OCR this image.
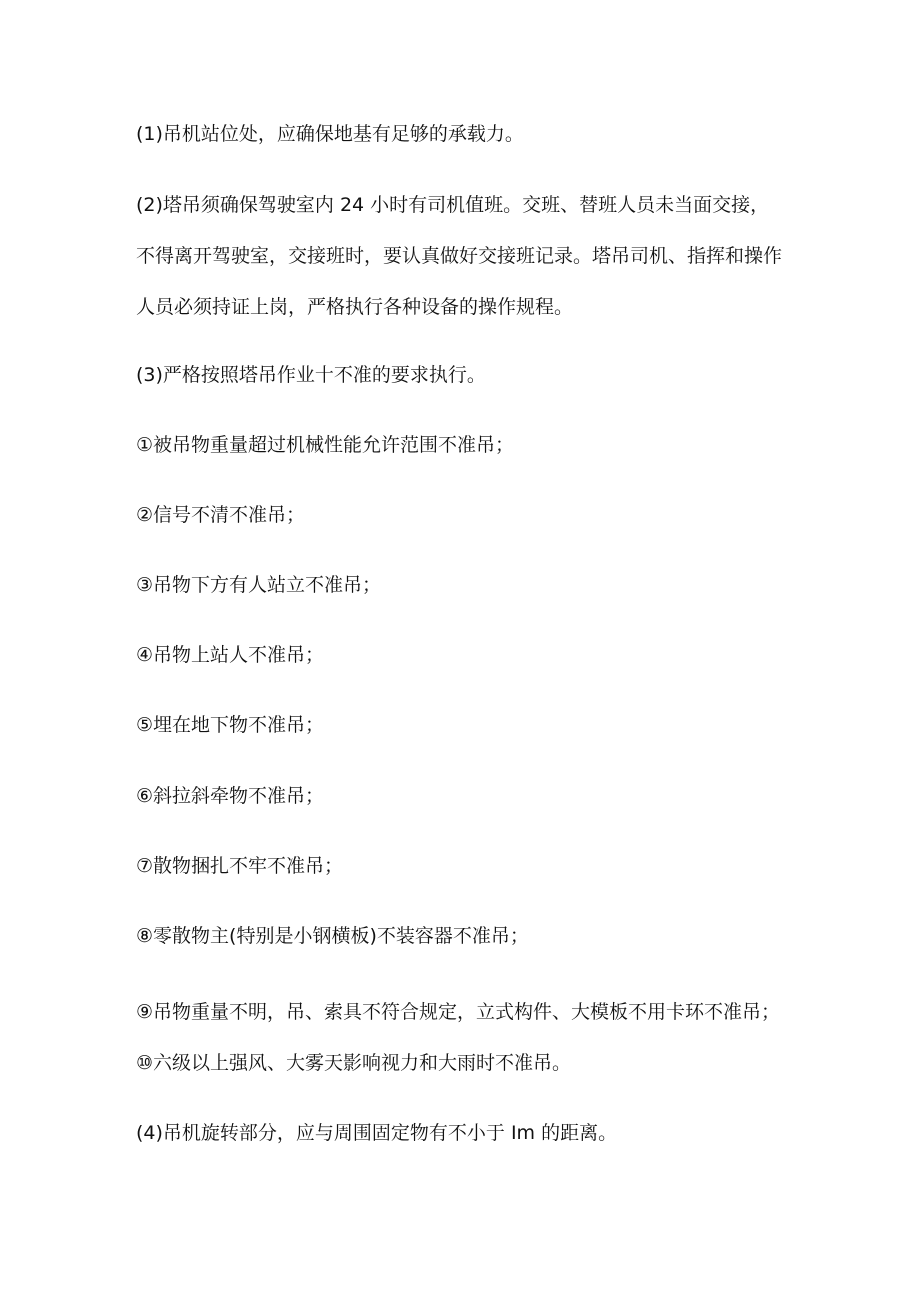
(1)吊机站位处，应确保地基有足够的承载力。

(2)塔吊须确保驾驶室内 24 小时有司机值班。交班、替班人员未当面交接，不得离开驾驶室，交接班时，要认真做好交接班记录。塔吊司机、指挥和操作人员必须持证上岗，严格执行各种设备的操作规程。

(3)严格按照塔吊作业十不准的要求执行。

①被吊物重量超过机械性能允许范围不准吊；

②信号不清不准吊；

③吊物下方有人站立不准吊；

④吊物上站人不准吊；

⑤埋在地下物不准吊；

⑥斜拉斜牵物不准吊；

⑦散物捆扎不牢不准吊；

⑧零散物主(特别是小钢横板)不装容器不准吊；

⑨吊物重量不明，吊、索具不符合规定，立式构件、大模板不用卡环不准吊；⑩六级以上强风、大雾天影响视力和大雨时不准吊。

(4)吊机旋转部分，应与周围固定物有不小于 Im 的距离。
